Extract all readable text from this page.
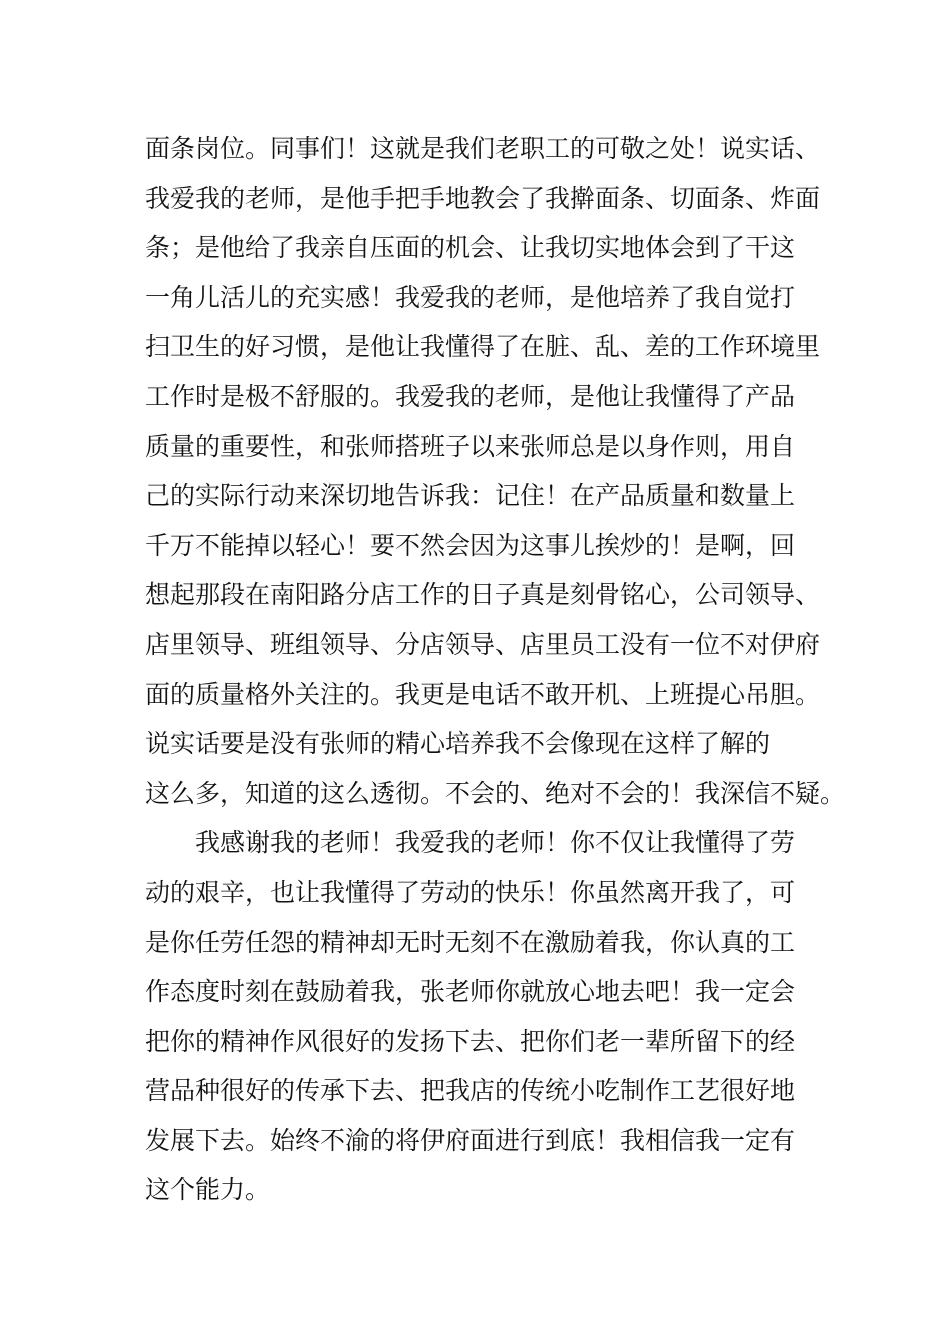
面条岗位。同事们！这就是我们老职工的可敬之处！说实话、
我爱我的老师，是他手把手地教会了我擀面条、切面条、炸面
条；是他给了我亲自压面的机会、让我切实地体会到了干这
一角儿活儿的充实感！我爱我的老师，是他培养了我自觉打
扫卫生的好习惯，是他让我懂得了在脏、乱、差的工作环境里
工作时是极不舒服的。我爱我的老师，是他让我懂得了产品
质量的重要性，和张师搭班子以来张师总是以身作则，用自
己的实际行动来深切地告诉我：记住！在产品质量和数量上
千万不能掉以轻心！要不然会因为这事儿挨炒的！是啊，回
想起那段在南阳路分店工作的日子真是刻骨铭心，公司领导、
店里领导、班组领导、分店领导、店里员工没有一位不对伊府
面的质量格外关注的。我更是电话不敢开机、上班提心吊胆。
说实话要是没有张师的精心培养我不会像现在这样了解的
这么多，知道的这么透彻。不会的、绝对不会的！我深信不疑。
我感谢我的老师！我爱我的老师！你不仅让我懂得了劳
动的艰辛，也让我懂得了劳动的快乐！你虽然离开我了，可
是你任劳任怨的精神却无时无刻不在激励着我，你认真的工
作态度时刻在鼓励着我，张老师你就放心地去吧！我一定会
把你的精神作风很好的发扬下去、把你们老一辈所留下的经
营品种很好的传承下去、把我店的传统小吃制作工艺很好地
发展下去。始终不渝的将伊府面进行到底！我相信我一定有
这个能力。
